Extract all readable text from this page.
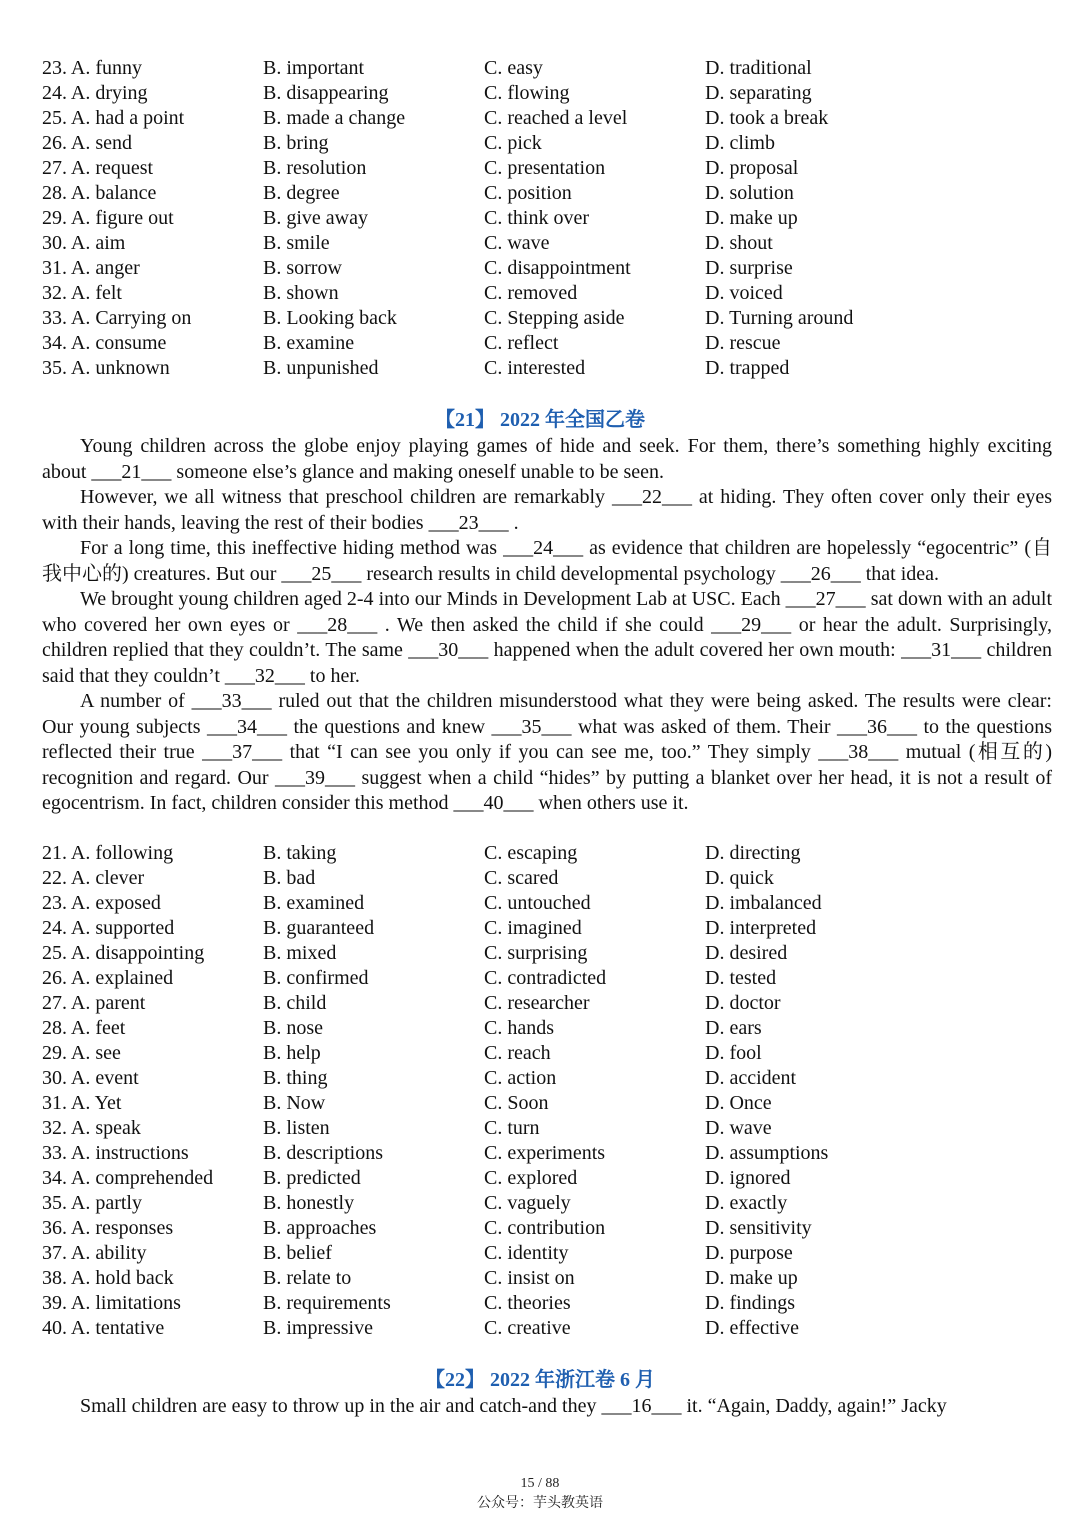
23. A. funny	B. important	C. easy	D. traditional
24. A. drying	B. disappearing	C. flowing	D. separating
25. A. had a point	B. made a change	C. reached a level	D. took a break
26. A. send	B. bring	C. pick	D. climb
27. A. request	B. resolution	C. presentation	D. proposal
28. A. balance	B. degree	C. position	D. solution
29. A. figure out	B. give away	C. think over	D. make up
30. A. aim	B. smile	C. wave	D. shout
31. A. anger	B. sorrow	C. disappointment	D. surprise
32. A. felt	B. shown	C. removed	D. voiced
33. A. Carrying on	B. Looking back	C. Stepping aside	D. Turning around
34. A. consume	B. examine	C. reflect	D. rescue
35. A. unknown	B. unpunished	C. interested	D. trapped
【21】 2022 年全国乙卷

Young children across the globe enjoy playing games of hide and seek. For them, there’s something highly exciting about ___21___ someone else’s glance and making oneself unable to be seen.

However, we all witness that preschool children are remarkably ___22___ at hiding. They often cover only their eyes with their hands, leaving the rest of their bodies ___23___ .

For a long time, this ineffective hiding method was ___24___ as evidence that children are hopelessly “egocentric” (自我中心的) creatures. But our ___25___ research results in child developmental psychology ___26___ that idea.

We brought young children aged 2-4 into our Minds in Development Lab at USC. Each ___27___ sat down with an adult who covered her own eyes or ___28___ . We then asked the child if she could ___29___ or hear the adult. Surprisingly, children replied that they couldn’t. The same ___30___ happened when the adult covered her own mouth: ___31___ children said that they couldn’t ___32___ to her.

A number of ___33___ ruled out that the children misunderstood what they were being asked. The results were clear: Our young subjects ___34___ the questions and knew ___35___ what was asked of them. Their ___36___ to the questions reflected their true ___37___ that “I can see you only if you can see me, too.” They simply ___38___ mutual (相互的) recognition and regard. Our ___39___ suggest when a child “hides” by putting a blanket over her head, it is not a result of egocentrism. In fact, children consider this method ___40___ when others use it.

21. A. following	B. taking	C. escaping	D. directing
22. A. clever	B. bad	C. scared	D. quick
23. A. exposed	B. examined	C. untouched	D. imbalanced
24. A. supported	B. guaranteed	C. imagined	D. interpreted
25. A. disappointing	B. mixed	C. surprising	D. desired
26. A. explained	B. confirmed	C. contradicted	D. tested
27. A. parent	B. child	C. researcher	D. doctor
28. A. feet	B. nose	C. hands	D. ears
29. A. see	B. help	C. reach	D. fool
30. A. event	B. thing	C. action	D. accident
31. A. Yet	B. Now	C. Soon	D. Once
32. A. speak	B. listen	C. turn	D. wave
33. A. instructions	B. descriptions	C. experiments	D. assumptions
34. A. comprehended	B. predicted	C. explored	D. ignored
35. A. partly	B. honestly	C. vaguely	D. exactly
36. A. responses	B. approaches	C. contribution	D. sensitivity
37. A. ability	B. belief	C. identity	D. purpose
38. A. hold back	B. relate to	C. insist on	D. make up
39. A. limitations	B. requirements	C. theories	D. findings
40. A. tentative	B. impressive	C. creative	D. effective
【22】 2022 年浙江卷 6 月

Small children are easy to throw up in the air and catch-and they ___16___ it. “Again, Daddy, again!” Jacky

15 / 88
公众号：芋头教英语
